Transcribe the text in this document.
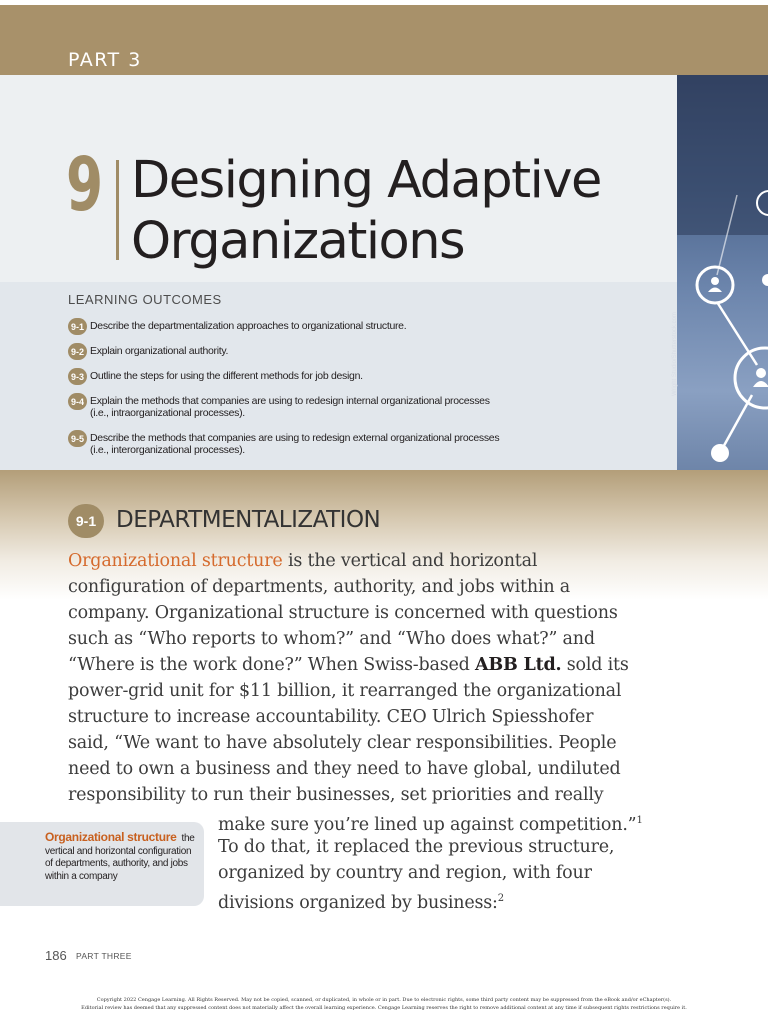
PART 3
9 Designing Adaptive
Organizations
LEARNING OUTCOMES
9-1 Describe the departmentalization approaches to organizational structure.
9-2 Explain organizational authority.
9-3 Outline the steps for using the different methods for job design.
9-4 Explain the methods that companies are using to redesign internal organizational processes
(i.e., intraorganizational processes).
9-5 Describe the methods that companies are using to redesign external organizational processes
(i.e., interorganizational processes).
Wright Studio/Shutterstock.com
9-1 DEPARTMENTALIZATION
Organizational structure is the vertical and horizontal
configuration of departments, authority, and jobs within a
company. Organizational structure is concerned with questions
such as “Who reports to whom?” and “Who does what?” and
“Where is the work done?” When Swiss-based ABB Ltd. sold its
power-grid unit for $11 billion, it rearranged the organizational
structure to increase accountability. CEO Ulrich Spiesshofer
said, “We want to have absolutely clear responsibilities. People
need to own a business and they need to have global, undiluted
responsibility to run their businesses, set priorities and really
make sure you’re lined up against competition.”$^1$
To do that, it replaced the previous structure,
organized by country and region, with four
divisions organized by business:$^2$
Organizational structure the vertical and horizontal configuration of departments, authority, and jobs within a company
186 PART THREE
Copyright 2022 Cengage Learning. All Rights Reserved. May not be copied, scanned, or duplicated, in whole or in part. Due to electronic rights, some third party content may be suppressed from the eBook and/or eChapter(s).
Editorial review has deemed that any suppressed content does not materially affect the overall learning experience. Cengage Learning reserves the right to remove additional content at any time if subsequent rights restrictions require it.
